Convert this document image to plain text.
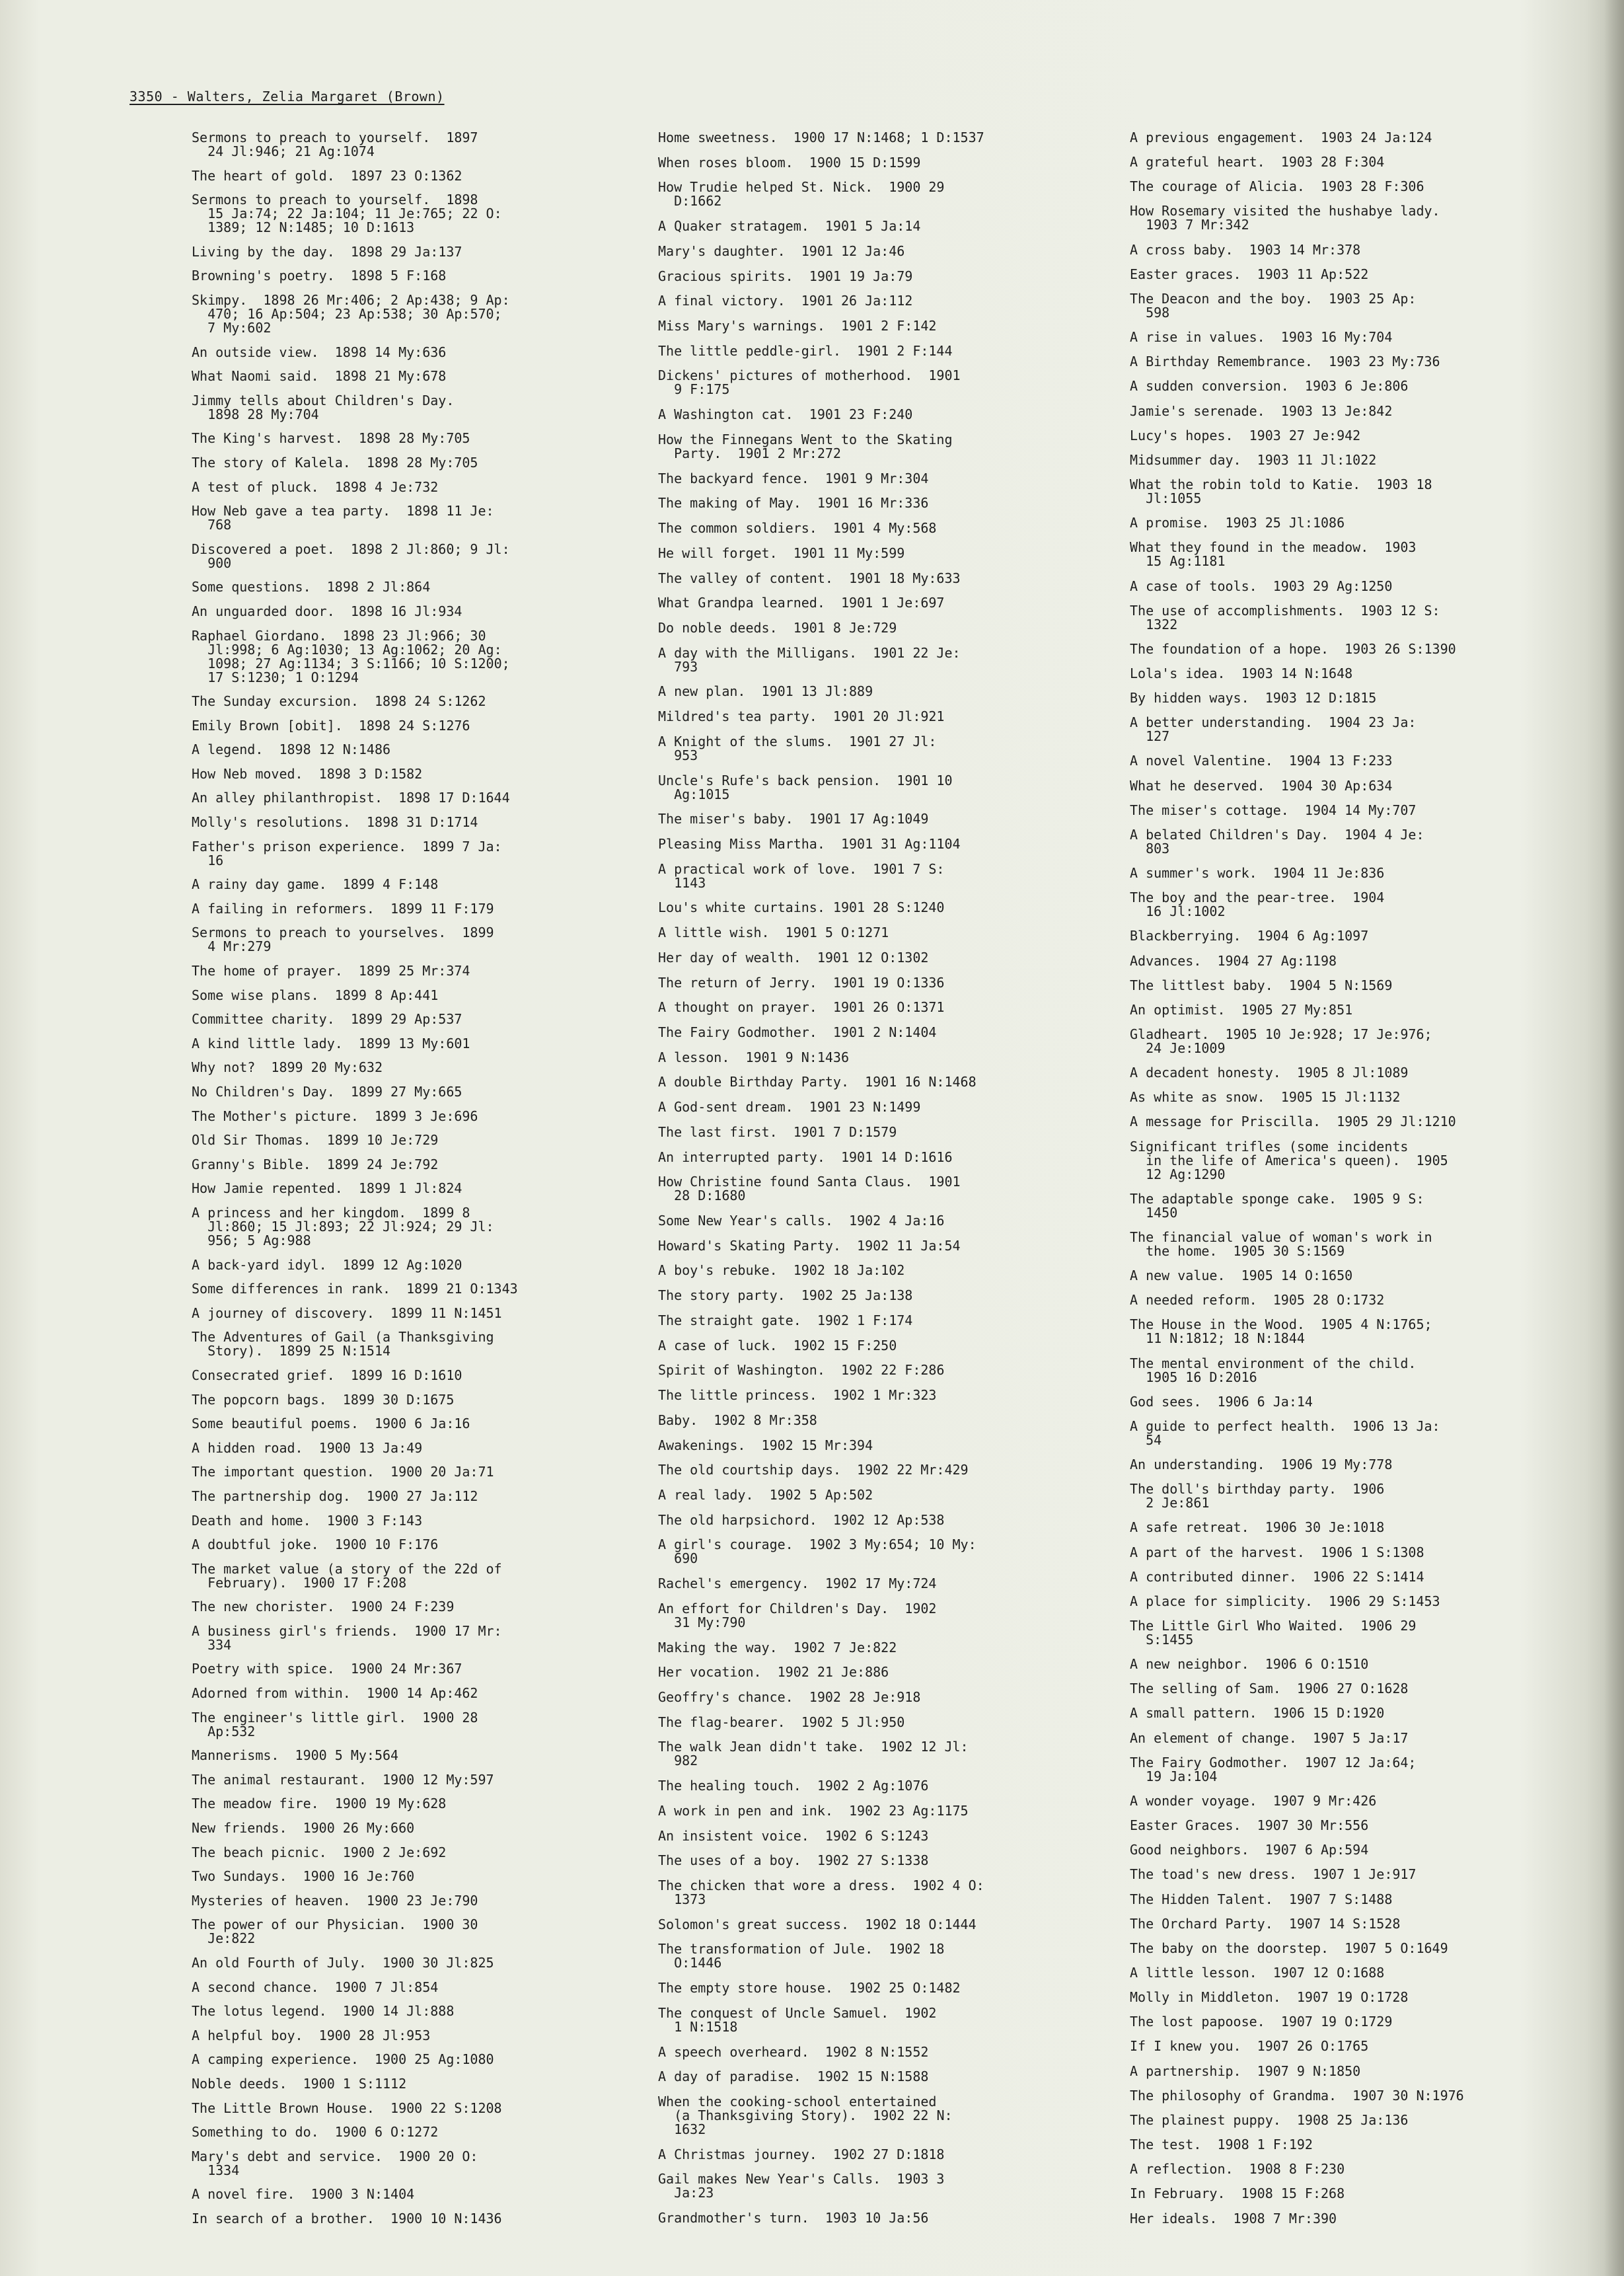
3350 - Walters, Zelia Margaret (Brown)

Sermons to preach to yourself.  1897
24 Jl:946; 21 Ag:1074

The heart of gold.  1897 23 O:1362

Sermons to preach to yourself.  1898
15 Ja:74; 22 Ja:104; 11 Je:765; 22 O:
1389; 12 N:1485; 10 D:1613

Living by the day.  1898 29 Ja:137

Browning's poetry.  1898 5 F:168

Skimpy.  1898 26 Mr:406; 2 Ap:438; 9 Ap:
470; 16 Ap:504; 23 Ap:538; 30 Ap:570;
7 My:602

An outside view.  1898 14 My:636

What Naomi said.  1898 21 My:678

Jimmy tells about Children's Day.
1898 28 My:704

The King's harvest.  1898 28 My:705

The story of Kalela.  1898 28 My:705

A test of pluck.  1898 4 Je:732

How Neb gave a tea party.  1898 11 Je:
768

Discovered a poet.  1898 2 Jl:860; 9 Jl:
900

Some questions.  1898 2 Jl:864

An unguarded door.  1898 16 Jl:934

Raphael Giordano.  1898 23 Jl:966; 30
Jl:998; 6 Ag:1030; 13 Ag:1062; 20 Ag:
1098; 27 Ag:1134; 3 S:1166; 10 S:1200;
17 S:1230; 1 O:1294

The Sunday excursion.  1898 24 S:1262

Emily Brown [obit].  1898 24 S:1276

A legend.  1898 12 N:1486

How Neb moved.  1898 3 D:1582

An alley philanthropist.  1898 17 D:1644

Molly's resolutions.  1898 31 D:1714

Father's prison experience.  1899 7 Ja:
16

A rainy day game.  1899 4 F:148

A failing in reformers.  1899 11 F:179

Sermons to preach to yourselves.  1899
4 Mr:279

The home of prayer.  1899 25 Mr:374

Some wise plans.  1899 8 Ap:441

Committee charity.  1899 29 Ap:537

A kind little lady.  1899 13 My:601

Why not?  1899 20 My:632

No Children's Day.  1899 27 My:665

The Mother's picture.  1899 3 Je:696

Old Sir Thomas.  1899 10 Je:729

Granny's Bible.  1899 24 Je:792

How Jamie repented.  1899 1 Jl:824

A princess and her kingdom.  1899 8
Jl:860; 15 Jl:893; 22 Jl:924; 29 Jl:
956; 5 Ag:988

A back-yard idyl.  1899 12 Ag:1020

Some differences in rank.  1899 21 O:1343

A journey of discovery.  1899 11 N:1451

The Adventures of Gail (a Thanksgiving
Story).  1899 25 N:1514

Consecrated grief.  1899 16 D:1610

The popcorn bags.  1899 30 D:1675

Some beautiful poems.  1900 6 Ja:16

A hidden road.  1900 13 Ja:49

The important question.  1900 20 Ja:71

The partnership dog.  1900 27 Ja:112

Death and home.  1900 3 F:143

A doubtful joke.  1900 10 F:176

The market value (a story of the 22d of
February).  1900 17 F:208

The new chorister.  1900 24 F:239

A business girl's friends.  1900 17 Mr:
334

Poetry with spice.  1900 24 Mr:367

Adorned from within.  1900 14 Ap:462

The engineer's little girl.  1900 28
Ap:532

Mannerisms.  1900 5 My:564

The animal restaurant.  1900 12 My:597

The meadow fire.  1900 19 My:628

New friends.  1900 26 My:660

The beach picnic.  1900 2 Je:692

Two Sundays.  1900 16 Je:760

Mysteries of heaven.  1900 23 Je:790

The power of our Physician.  1900 30
Je:822

An old Fourth of July.  1900 30 Jl:825

A second chance.  1900 7 Jl:854

The lotus legend.  1900 14 Jl:888

A helpful boy.  1900 28 Jl:953

A camping experience.  1900 25 Ag:1080

Noble deeds.  1900 1 S:1112

The Little Brown House.  1900 22 S:1208

Something to do.  1900 6 O:1272

Mary's debt and service.  1900 20 O:
1334

A novel fire.  1900 3 N:1404

In search of a brother.  1900 10 N:1436

Home sweetness.  1900 17 N:1468; 1 D:1537

When roses bloom.  1900 15 D:1599

How Trudie helped St. Nick.  1900 29
D:1662

A Quaker stratagem.  1901 5 Ja:14

Mary's daughter.  1901 12 Ja:46

Gracious spirits.  1901 19 Ja:79

A final victory.  1901 26 Ja:112

Miss Mary's warnings.  1901 2 F:142

The little peddle-girl.  1901 2 F:144

Dickens' pictures of motherhood.  1901
9 F:175

A Washington cat.  1901 23 F:240

How the Finnegans Went to the Skating
Party.  1901 2 Mr:272

The backyard fence.  1901 9 Mr:304

The making of May.  1901 16 Mr:336

The common soldiers.  1901 4 My:568

He will forget.  1901 11 My:599

The valley of content.  1901 18 My:633

What Grandpa learned.  1901 1 Je:697

Do noble deeds.  1901 8 Je:729

A day with the Milligans.  1901 22 Je:
793

A new plan.  1901 13 Jl:889

Mildred's tea party.  1901 20 Jl:921

A Knight of the slums.  1901 27 Jl:
953

Uncle's Rufe's back pension.  1901 10
Ag:1015

The miser's baby.  1901 17 Ag:1049

Pleasing Miss Martha.  1901 31 Ag:1104

A practical work of love.  1901 7 S:
1143

Lou's white curtains. 1901 28 S:1240

A little wish.  1901 5 O:1271

Her day of wealth.  1901 12 O:1302

The return of Jerry.  1901 19 O:1336

A thought on prayer.  1901 26 O:1371

The Fairy Godmother.  1901 2 N:1404

A lesson.  1901 9 N:1436

A double Birthday Party.  1901 16 N:1468

A God-sent dream.  1901 23 N:1499

The last first.  1901 7 D:1579

An interrupted party.  1901 14 D:1616

How Christine found Santa Claus.  1901
28 D:1680

Some New Year's calls.  1902 4 Ja:16

Howard's Skating Party.  1902 11 Ja:54

A boy's rebuke.  1902 18 Ja:102

The story party.  1902 25 Ja:138

The straight gate.  1902 1 F:174

A case of luck.  1902 15 F:250

Spirit of Washington.  1902 22 F:286

The little princess.  1902 1 Mr:323

Baby.  1902 8 Mr:358

Awakenings.  1902 15 Mr:394

The old courtship days.  1902 22 Mr:429

A real lady.  1902 5 Ap:502

The old harpsichord.  1902 12 Ap:538

A girl's courage.  1902 3 My:654; 10 My:
690

Rachel's emergency.  1902 17 My:724

An effort for Children's Day.  1902
31 My:790

Making the way.  1902 7 Je:822

Her vocation.  1902 21 Je:886

Geoffry's chance.  1902 28 Je:918

The flag-bearer.  1902 5 Jl:950

The walk Jean didn't take.  1902 12 Jl:
982

The healing touch.  1902 2 Ag:1076

A work in pen and ink.  1902 23 Ag:1175

An insistent voice.  1902 6 S:1243

The uses of a boy.  1902 27 S:1338

The chicken that wore a dress.  1902 4 O:
1373

Solomon's great success.  1902 18 O:1444

The transformation of Jule.  1902 18
O:1446

The empty store house.  1902 25 O:1482

The conquest of Uncle Samuel.  1902
1 N:1518

A speech overheard.  1902 8 N:1552

A day of paradise.  1902 15 N:1588

When the cooking-school entertained
(a Thanksgiving Story).  1902 22 N:
1632

A Christmas journey.  1902 27 D:1818

Gail makes New Year's Calls.  1903 3
Ja:23

Grandmother's turn.  1903 10 Ja:56

A previous engagement.  1903 24 Ja:124

A grateful heart.  1903 28 F:304

The courage of Alicia.  1903 28 F:306

How Rosemary visited the hushabye lady.
1903 7 Mr:342

A cross baby.  1903 14 Mr:378

Easter graces.  1903 11 Ap:522

The Deacon and the boy.  1903 25 Ap:
598

A rise in values.  1903 16 My:704

A Birthday Remembrance.  1903 23 My:736

A sudden conversion.  1903 6 Je:806

Jamie's serenade.  1903 13 Je:842

Lucy's hopes.  1903 27 Je:942

Midsummer day.  1903 11 Jl:1022

What the robin told to Katie.  1903 18
Jl:1055

A promise.  1903 25 Jl:1086

What they found in the meadow.  1903
15 Ag:1181

A case of tools.  1903 29 Ag:1250

The use of accomplishments.  1903 12 S:
1322

The foundation of a hope.  1903 26 S:1390

Lola's idea.  1903 14 N:1648

By hidden ways.  1903 12 D:1815

A better understanding.  1904 23 Ja:
127

A novel Valentine.  1904 13 F:233

What he deserved.  1904 30 Ap:634

The miser's cottage.  1904 14 My:707

A belated Children's Day.  1904 4 Je:
803

A summer's work.  1904 11 Je:836

The boy and the pear-tree.  1904
16 Jl:1002

Blackberrying.  1904 6 Ag:1097

Advances.  1904 27 Ag:1198

The littlest baby.  1904 5 N:1569

An optimist.  1905 27 My:851

Gladheart.  1905 10 Je:928; 17 Je:976;
24 Je:1009

A decadent honesty.  1905 8 Jl:1089

As white as snow.  1905 15 Jl:1132

A message for Priscilla.  1905 29 Jl:1210

Significant trifles (some incidents
in the life of America's queen).  1905
12 Ag:1290

The adaptable sponge cake.  1905 9 S:
1450

The financial value of woman's work in
the home.  1905 30 S:1569

A new value.  1905 14 O:1650

A needed reform.  1905 28 O:1732

The House in the Wood.  1905 4 N:1765;
11 N:1812; 18 N:1844

The mental environment of the child.
1905 16 D:2016

God sees.  1906 6 Ja:14

A guide to perfect health.  1906 13 Ja:
54

An understanding.  1906 19 My:778

The doll's birthday party.  1906
2 Je:861

A safe retreat.  1906 30 Je:1018

A part of the harvest.  1906 1 S:1308

A contributed dinner.  1906 22 S:1414

A place for simplicity.  1906 29 S:1453

The Little Girl Who Waited.  1906 29
S:1455

A new neighbor.  1906 6 O:1510

The selling of Sam.  1906 27 O:1628

A small pattern.  1906 15 D:1920

An element of change.  1907 5 Ja:17

The Fairy Godmother.  1907 12 Ja:64;
19 Ja:104

A wonder voyage.  1907 9 Mr:426

Easter Graces.  1907 30 Mr:556

Good neighbors.  1907 6 Ap:594

The toad's new dress.  1907 1 Je:917

The Hidden Talent.  1907 7 S:1488

The Orchard Party.  1907 14 S:1528

The baby on the doorstep.  1907 5 O:1649

A little lesson.  1907 12 O:1688

Molly in Middleton.  1907 19 O:1728

The lost papoose.  1907 19 O:1729

If I knew you.  1907 26 O:1765

A partnership.  1907 9 N:1850

The philosophy of Grandma.  1907 30 N:1976

The plainest puppy.  1908 25 Ja:136

The test.  1908 1 F:192

A reflection.  1908 8 F:230

In February.  1908 15 F:268

Her ideals.  1908 7 Mr:390
